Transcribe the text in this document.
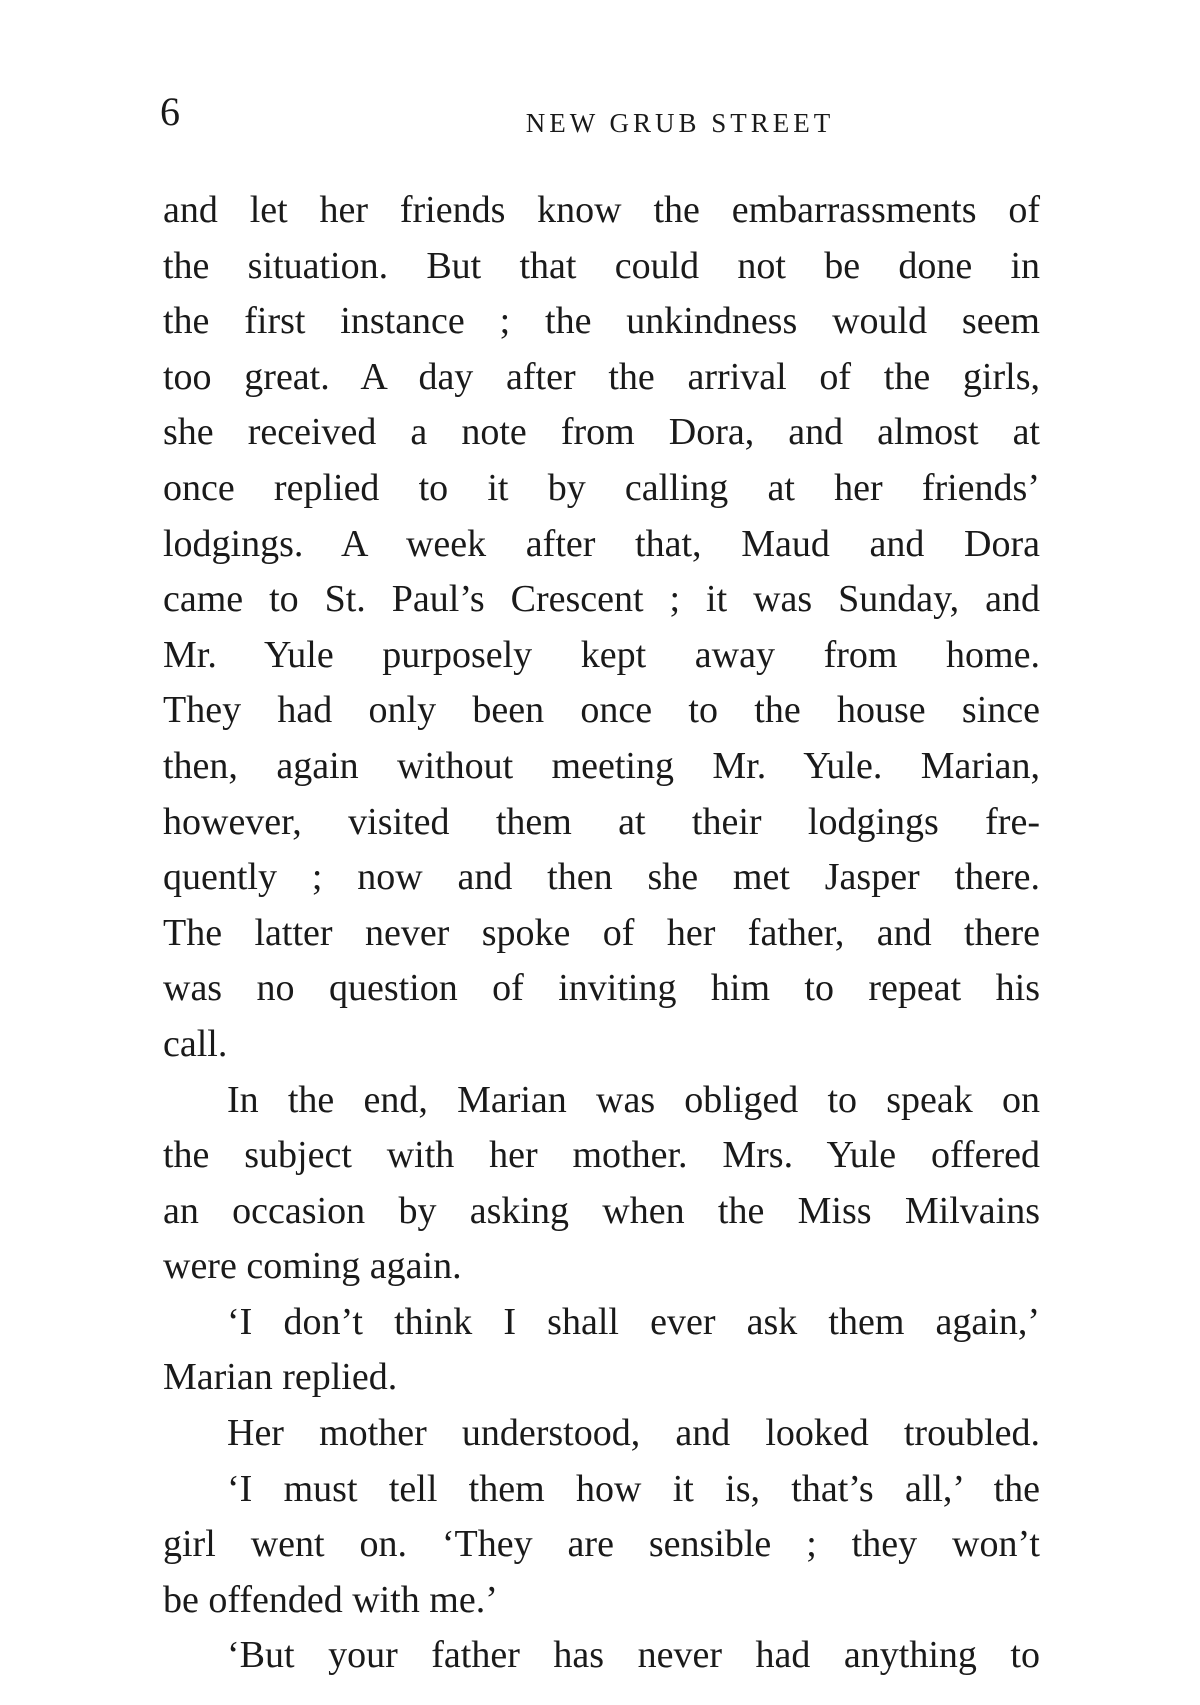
6	NEW GRUB STREET
and let her friends know the embarrassments of
the situation. But that could not be done in
the first instance ; the unkindness would seem
too great. A day after the arrival of the girls,
she received a note from Dora, and almost at
once replied to it by calling at her friends’
lodgings. A week after that, Maud and Dora
came to St. Paul’s Crescent ; it was Sunday, and
Mr. Yule purposely kept away from home.
They had only been once to the house since
then, again without meeting Mr. Yule. Marian,
however, visited them at their lodgings fre-
quently ; now and then she met Jasper there.
The latter never spoke of her father, and there
was no question of inviting him to repeat his
call.
In the end, Marian was obliged to speak on
the subject with her mother. Mrs. Yule offered
an occasion by asking when the Miss Milvains
were coming again.
‘I don’t think I shall ever ask them again,’
Marian replied.
Her mother understood, and looked troubled.
‘I must tell them how it is, that’s all,’ the
girl went on. ‘They are sensible ; they won’t
be offended with me.’
‘But your father has never had anything to
